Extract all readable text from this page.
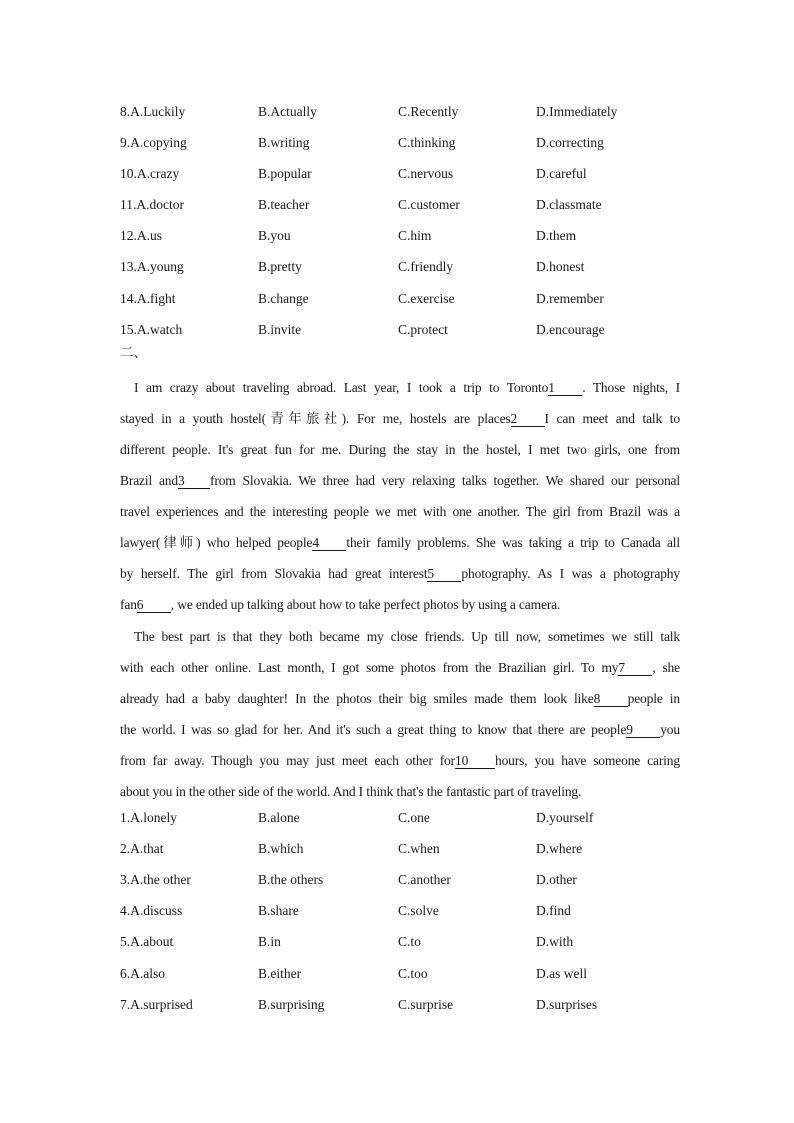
8.A.Luckily	B.Actually	C.Recently	D.Immediately
9.A.copying	B.writing	C.thinking	D.correcting
10.A.crazy	B.popular	C.nervous	D.careful
11.A.doctor	B.teacher	C.customer	D.classmate
12.A.us	B.you	C.him	D.them
13.A.young	B.pretty	C.friendly	D.honest
14.A.fight	B.change	C.exercise	D.remember
15.A.watch	B.invite	C.protect	D.encourage
二、

I am crazy about traveling abroad. Last year, I took a trip to Toronto1 . Those nights, I

stayed in a youth hostel(青年旅社). For me, hostels are places2 I can meet and talk to

different people. It's great fun for me. During the stay in the hostel, I met two girls, one from

Brazil and3 from Slovakia. We three had very relaxing talks together. We shared our personal

travel experiences and the interesting people we met with one another. The girl from Brazil was a

lawyer(律师) who helped people4 their family problems. She was taking a trip to Canada all

by herself. The girl from Slovakia had great interest5 photography. As I was a photography

fan6 , we ended up talking about how to take perfect photos by using a camera.

The best part is that they both became my close friends. Up till now, sometimes we still talk

with each other online. Last month, I got some photos from the Brazilian girl. To my7 , she

already had a baby daughter! In the photos their big smiles made them look like8 people in

the world. I was so glad for her. And it's such a great thing to know that there are people9 you

from far away. Though you may just meet each other for10 hours, you have someone caring

about you in the other side of the world. And I think that's the fantastic part of traveling.

1.A.lonely	B.alone	C.one	D.yourself
2.A.that	B.which	C.when	D.where
3.A.the other	B.the others	C.another	D.other
4.A.discuss	B.share	C.solve	D.find
5.A.about	B.in	C.to	D.with
6.A.also	B.either	C.too	D.as well
7.A.surprised	B.surprising	C.surprise	D.surprises
